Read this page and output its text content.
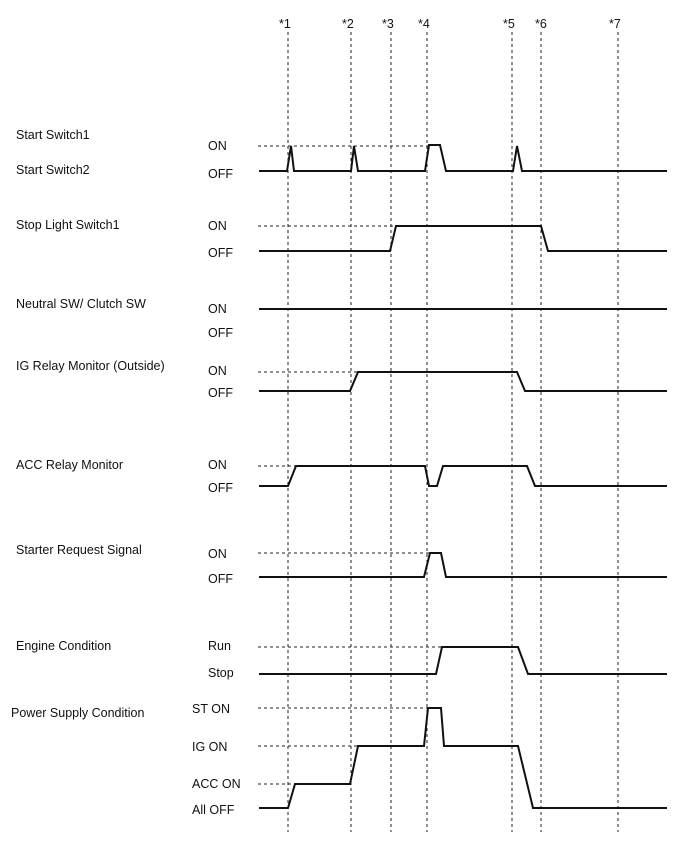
*1	*2 *3 *4	*5 *6	*7
Start Switch1
Start Switch2
Stop Light Switch1
Neutral SW/ Clutch SW
IG Relay Monitor (Outside)
ACC Relay Monitor
Starter Request Signal
Engine Condition
Power Supply Condition
ON
OFF
ON
OFF
ON
OFF
ON
OFF
ON
OFF
ON
OFF
Run
Stop
ST ON
IG ON
ACC ON
All OFF
